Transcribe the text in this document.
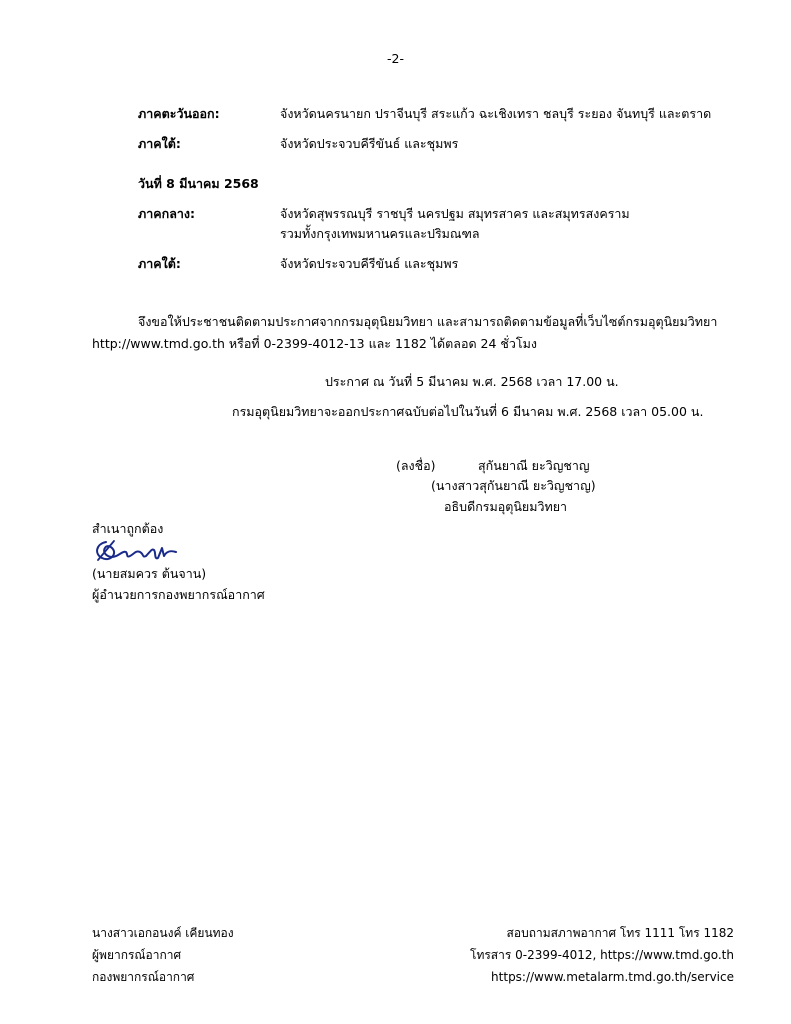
-2-
ภาคตะวันออก:	จังหวัดนครนายก ปราจีนบุรี สระแก้ว ฉะเชิงเทรา ชลบุรี ระยอง จันทบุรี และตราด
ภาคใต้:	จังหวัดประจวบคีรีขันธ์ และชุมพร
วันที่ 8 มีนาคม 2568
ภาคกลาง:	จังหวัดสุพรรณบุรี ราชบุรี นครปฐม สมุทรสาคร และสมุทรสงคราม
รวมทั้งกรุงเทพมหานครและปริมณฑล
ภาคใต้:	จังหวัดประจวบคีรีขันธ์ และชุมพร
จึงขอให้ประชาชนติดตามประกาศจากกรมอุตุนิยมวิทยา และสามารถติดตามข้อมูลที่เว็บไซต์กรมอุตุนิยมวิทยา
http://www.tmd.go.th หรือที่ 0-2399-4012-13 และ 1182 ได้ตลอด 24 ชั่วโมง
ประกาศ ณ วันที่ 5 มีนาคม พ.ศ. 2568 เวลา 17.00 น.
กรมอุตุนิยมวิทยาจะออกประกาศฉบับต่อไปในวันที่ 6 มีนาคม พ.ศ. 2568 เวลา 05.00 น.
(ลงชื่อ)	สุกันยาณี ยะวิญชาญ
(นางสาวสุกันยาณี ยะวิญชาญ)
อธิบดีกรมอุตุนิยมวิทยา
สำเนาถูกต้อง
(นายสมควร ต้นจาน)
ผู้อำนวยการกองพยากรณ์อากาศ
นางสาวเอกอนงค์ เคียนทอง
ผู้พยากรณ์อากาศ
กองพยากรณ์อากาศ
สอบถามสภาพอากาศ โทร 1111 โทร 1182
โทรสาร 0-2399-4012, https://www.tmd.go.th
https://www.metalarm.tmd.go.th/service
